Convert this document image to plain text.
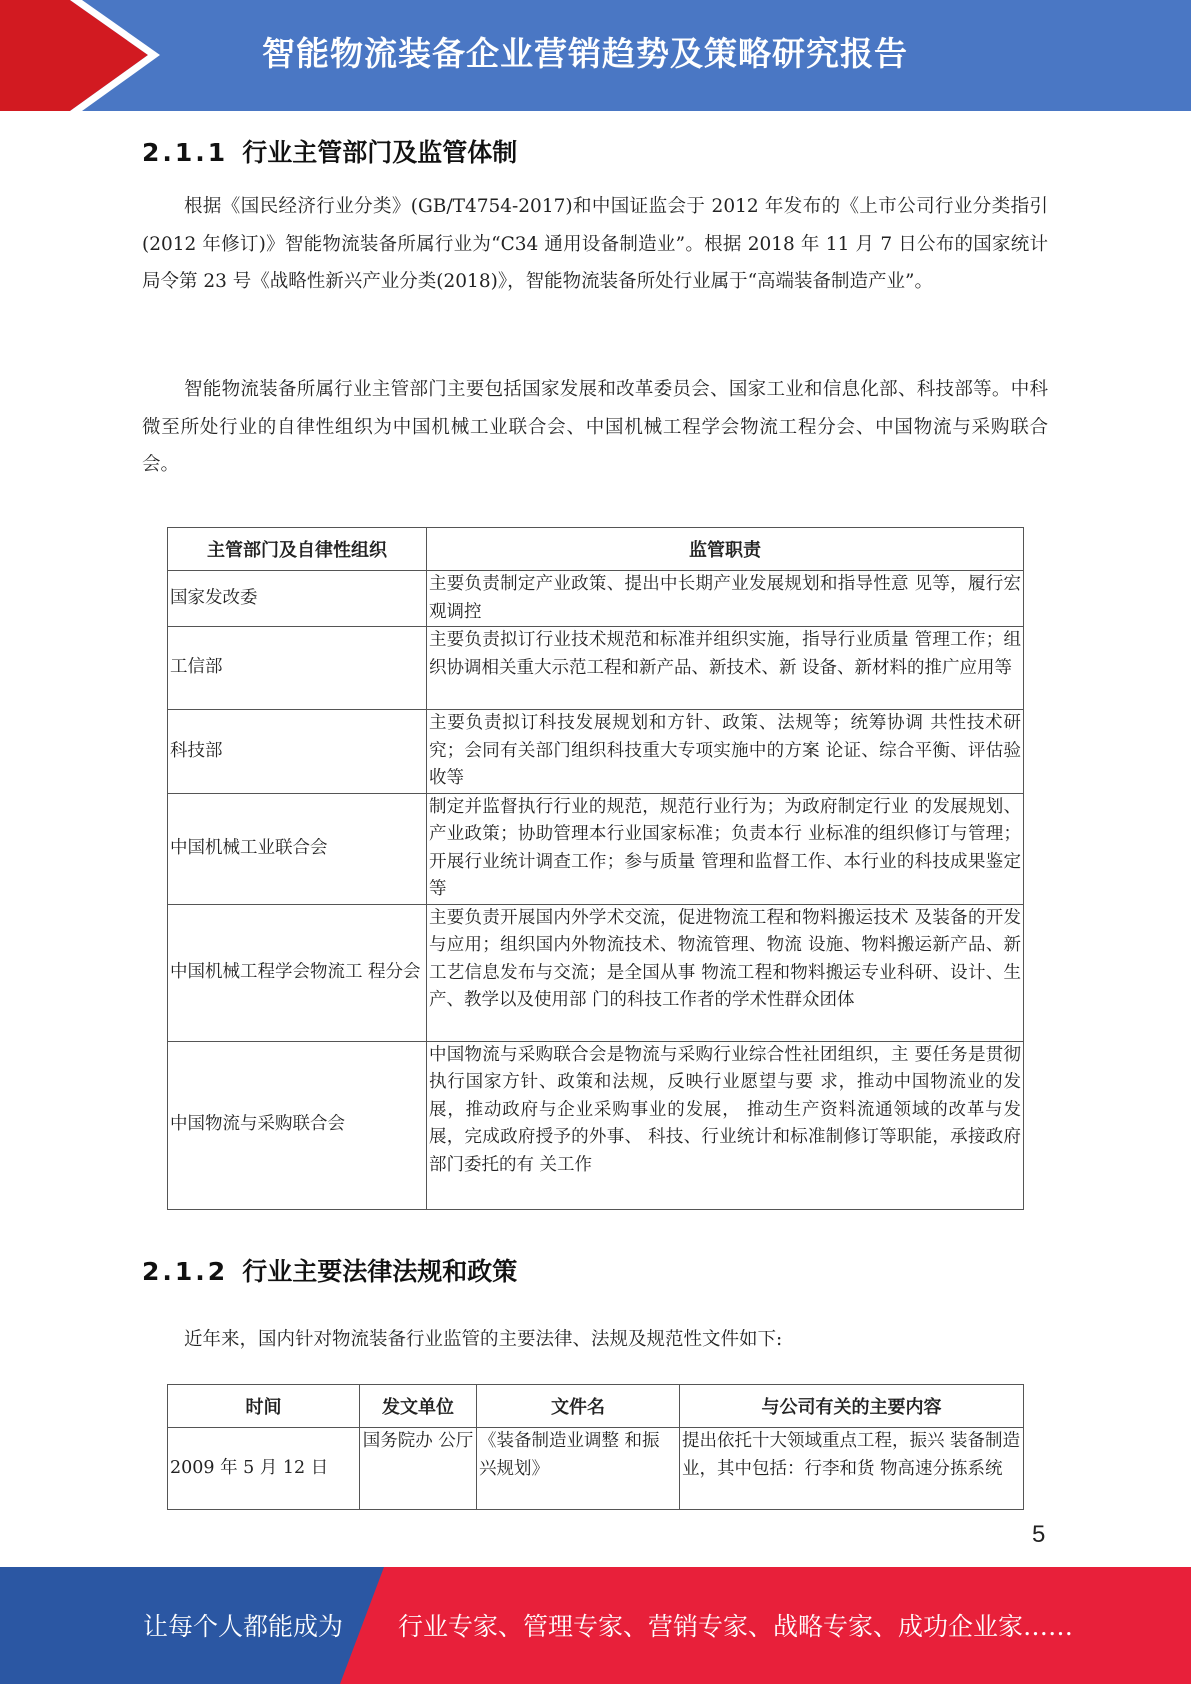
智能物流装备企业营销趋势及策略研究报告
2.1.1 行业主管部门及监管体制

根据《国民经济行业分类》(GB/T4754-2017)和中国证监会于 2012 年发布的《上市公司行业分类指引(2012 年修订)》智能物流装备所属行业为“C34 通用设备制造业”。根据 2018 年 11 月 7 日公布的国家统计局令第 23 号《战略性新兴产业分类(2018)》，智能物流装备所处行业属于“高端装备制造产业”。

智能物流装备所属行业主管部门主要包括国家发展和改革委员会、国家工业和信息化部、科技部等。中科微至所处行业的自律性组织为中国机械工业联合会、中国机械工程学会物流工程分会、中国物流与采购联合会。

主管部门及自律性组织	监管职责
国家发改委	主要负责制定产业政策、提出中长期产业发展规划和指导性意 见等，履行宏观调控
工信部	主要负责拟订行业技术规范和标准并组织实施，指导行业质量 管理工作；组织协调相关重大示范工程和新产品、新技术、新 设备、新材料的推广应用等
科技部	主要负责拟订科技发展规划和方针、政策、法规等；统筹协调 共性技术研究；会同有关部门组织科技重大专项实施中的方案 论证、综合平衡、评估验收等
中国机械工业联合会	制定并监督执行行业的规范，规范行业行为；为政府制定行业 的发展规划、产业政策；协助管理本行业国家标准；负责本行 业标准的组织修订与管理；开展行业统计调查工作；参与质量 管理和监督工作、本行业的科技成果鉴定等
中国机械工程学会物流工 程分会	主要负责开展国内外学术交流，促进物流工程和物料搬运技术 及装备的开发与应用；组织国内外物流技术、物流管理、物流 设施、物料搬运新产品、新工艺信息发布与交流；是全国从事 物流工程和物料搬运专业科研、设计、生产、教学以及使用部 门的科技工作者的学术性群众团体
中国物流与采购联合会	中国物流与采购联合会是物流与采购行业综合性社团组织，主 要任务是贯彻执行国家方针、政策和法规，反映行业愿望与要 求，推动中国物流业的发展，推动政府与企业采购事业的发展， 推动生产资料流通领域的改革与发展，完成政府授予的外事、 科技、行业统计和标准制修订等职能，承接政府部门委托的有 关工作
2.1.2 行业主要法律法规和政策

近年来，国内针对物流装备行业监管的主要法律、法规及规范性文件如下:

时间	发文单位	文件名	与公司有关的主要内容
2009 年 5 月 12 日	国务院办 公厅	《装备制造业调整 和振兴规划》	提出依托十大领域重点工程，振兴 装备制造业，其中包括：行李和货 物高速分拣系统
5
让每个人都能成为 行业专家、管理专家、营销专家、战略专家、成功企业家……
